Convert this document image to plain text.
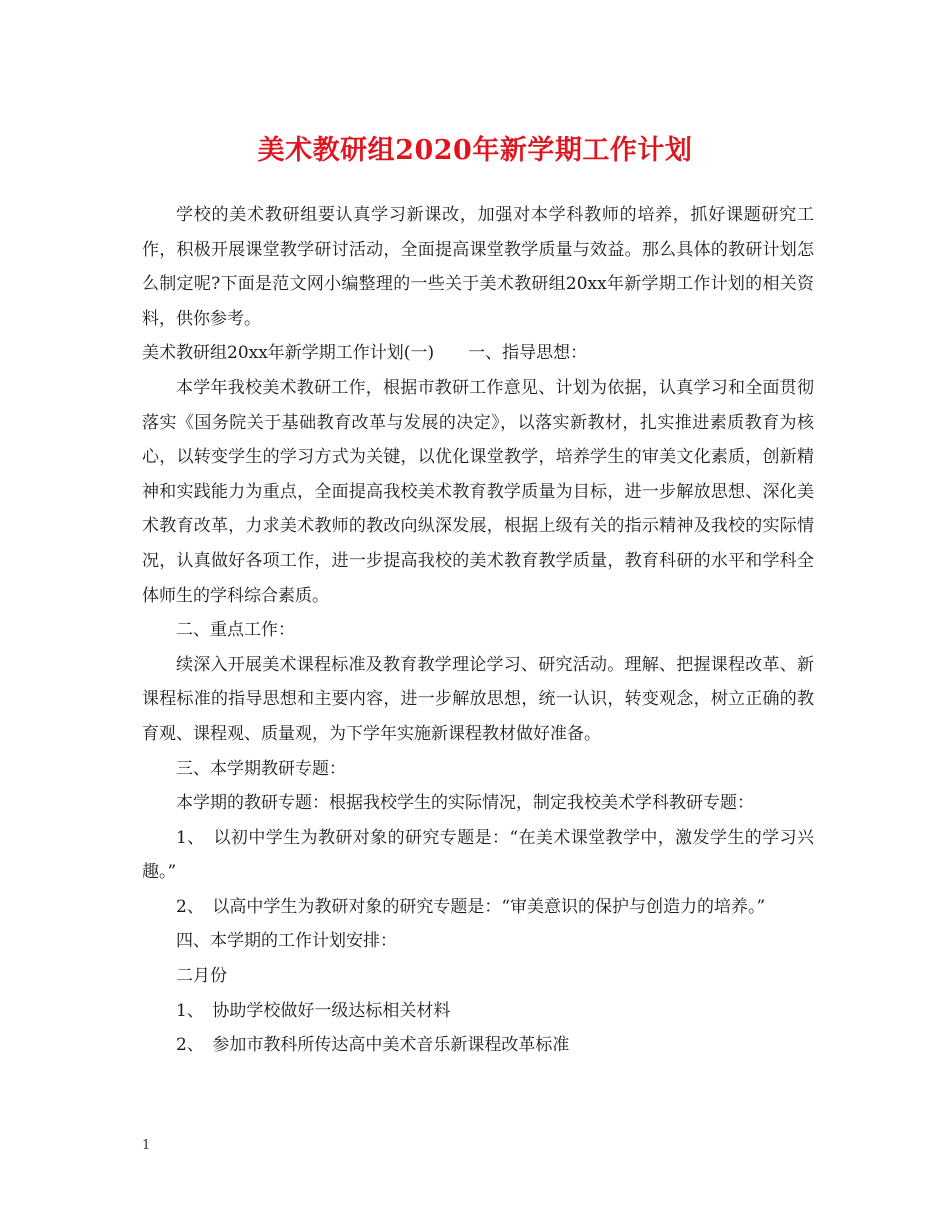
美术教研组2020年新学期工作计划

学校的美术教研组要认真学习新课改，加强对本学科教师的培养，抓好课题研究工作，积极开展课堂教学研讨活动，全面提高课堂教学质量与效益。那么具体的教研计划怎么制定呢?下面是范文网小编整理的一些关于美术教研组20xx年新学期工作计划的相关资料，供你参考。

美术教研组20xx年新学期工作计划(一)　　一、指导思想：

本学年我校美术教研工作，根据市教研工作意见、计划为依据，认真学习和全面贯彻落实《国务院关于基础教育改革与发展的决定》，以落实新教材，扎实推进素质教育为核心，以转变学生的学习方式为关键，以优化课堂教学，培养学生的审美文化素质，创新精神和实践能力为重点，全面提高我校美术教育教学质量为目标，进一步解放思想、深化美术教育改革，力求美术教师的教改向纵深发展，根据上级有关的指示精神及我校的实际情况，认真做好各项工作，进一步提高我校的美术教育教学质量，教育科研的水平和学科全体师生的学科综合素质。

二、重点工作：

续深入开展美术课程标准及教育教学理论学习、研究活动。理解、把握课程改革、新课程标准的指导思想和主要内容，进一步解放思想，统一认识，转变观念，树立正确的教育观、课程观、质量观，为下学年实施新课程教材做好准备。

三、本学期教研专题：

本学期的教研专题：根据我校学生的实际情况，制定我校美术学科教研专题：

1、　以初中学生为教研对象的研究专题是：“在美术课堂教学中，激发学生的学习兴趣。”

2、　以高中学生为教研对象的研究专题是：“审美意识的保护与创造力的培养。”

四、本学期的工作计划安排：

二月份

1、　协助学校做好一级达标相关材料

2、　参加市教科所传达高中美术音乐新课程改革标准

1
